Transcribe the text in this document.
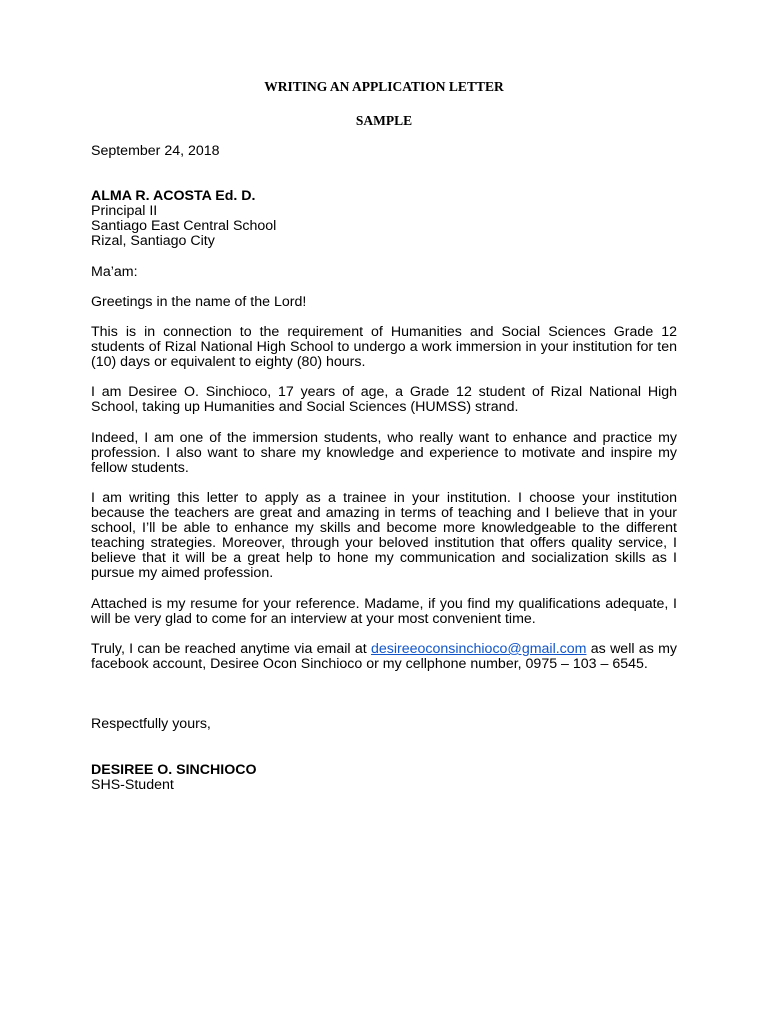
WRITING AN APPLICATION LETTER
SAMPLE
September 24, 2018
ALMA R. ACOSTA Ed. D.
Principal II
Santiago East Central School
Rizal, Santiago City
Ma’am:
Greetings in the name of the Lord!
This is in connection to the requirement of Humanities and Social Sciences Grade 12 students of Rizal National High School to undergo a work immersion in your institution for ten (10) days or equivalent to eighty (80) hours.
I am Desiree O. Sinchioco, 17 years of age, a Grade 12 student of Rizal National High School, taking up Humanities and Social Sciences (HUMSS) strand.
Indeed, I am one of the immersion students, who really want to enhance and practice my profession. I also want to share my knowledge and experience to motivate and inspire my fellow students.
I am writing this letter to apply as a trainee in your institution. I choose your institution because the teachers are great and amazing in terms of teaching and I believe that in your school, I’ll be able to enhance my skills and become more knowledgeable to the different teaching strategies. Moreover, through your beloved institution that offers quality service, I believe that it will be a great help to hone my communication and socialization skills as I pursue my aimed profession.
Attached is my resume for your reference. Madame, if you find my qualifications adequate, I will be very glad to come for an interview at your most convenient time.
Truly, I can be reached anytime via email at desireeoconsinchioco@gmail.com as well as my facebook account, Desiree Ocon Sinchioco or my cellphone number, 0975 – 103 – 6545.
Respectfully yours,
DESIREE O. SINCHIOCO
SHS-Student
